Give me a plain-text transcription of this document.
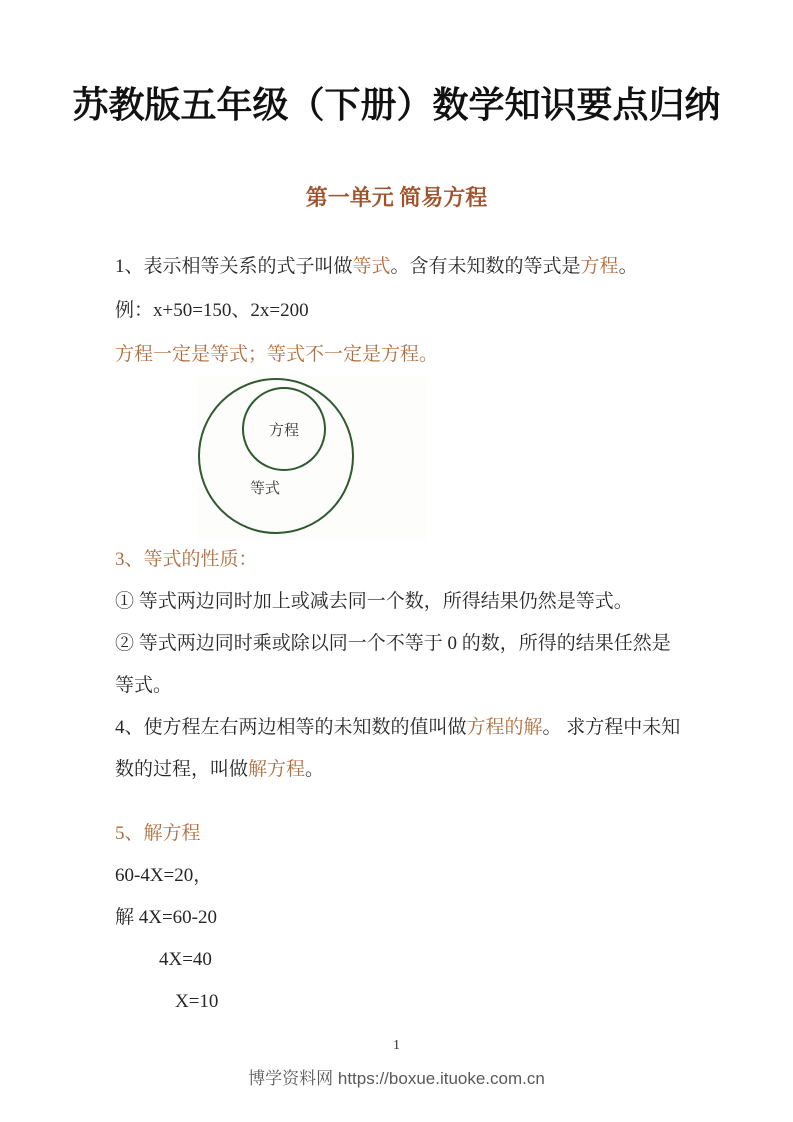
苏教版五年级（下册）数学知识要点归纳
第一单元 简易方程

1、表示相等关系的式子叫做等式。含有未知数的等式是方程。

例：x+50=150、2x=200

方程一定是等式；等式不一定是方程。

方程
等式

3、等式的性质：

① 等式两边同时加上或减去同一个数，所得结果仍然是等式。

② 等式两边同时乘或除以同一个不等于 0 的数，所得的结果任然是

等式。

4、使方程左右两边相等的未知数的值叫做方程的解。 求方程中未知

数的过程，叫做解方程。

5、解方程

60-4X=20，

解 4X=60-20

4X=40

X=10

1
博学资料网 https://boxue.ituoke.com.cn
